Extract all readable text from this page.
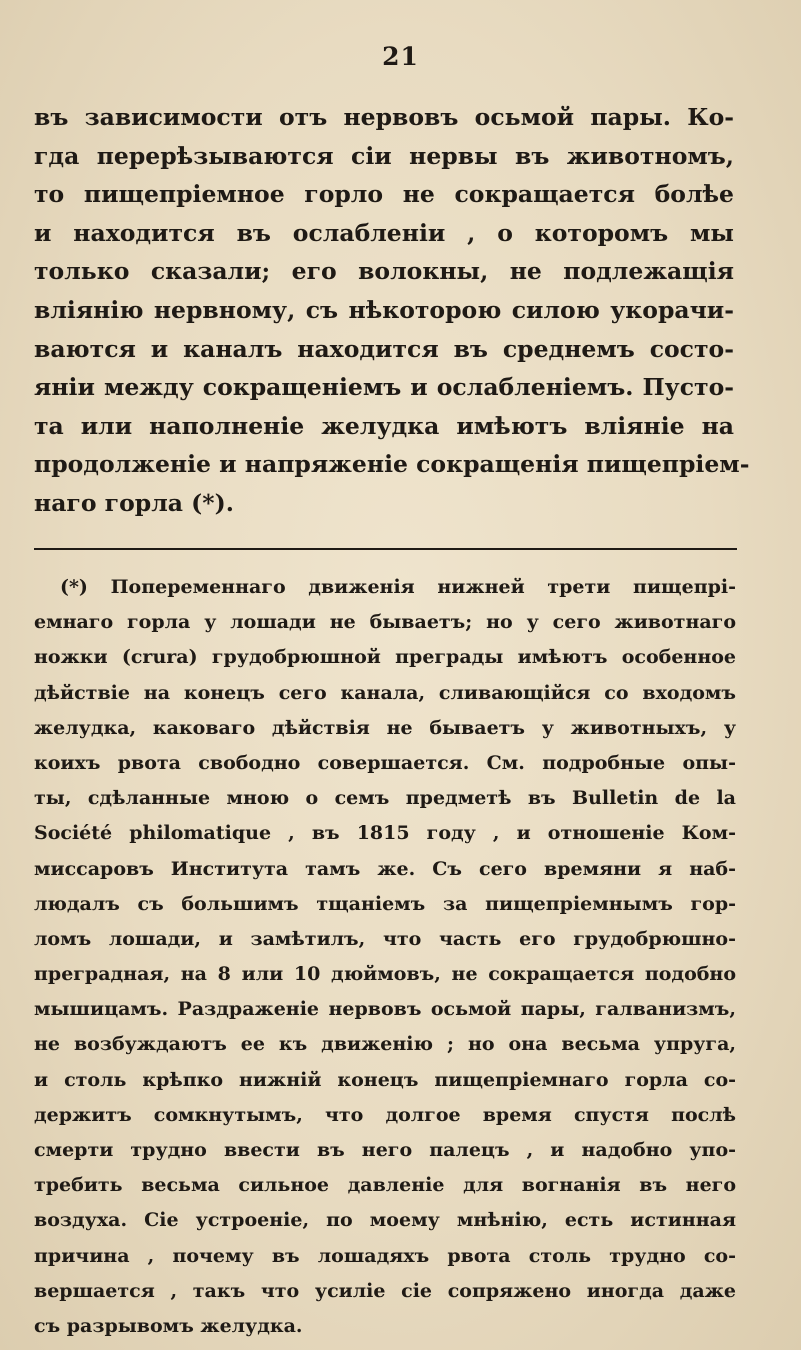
21
въ зависимости отъ нервовъ осьмой пары. Ко-
гда перерѣзываются сіи нервы въ животномъ,
то пищепріемное горло не сокращается болѣе
и находится въ ослабленіи , о которомъ мы
только сказали; его волокны, не подлежащія
вліянію нервному, съ нѣкоторою силою укорачи-
ваются и каналъ находится въ среднемъ состо-
яніи между сокращеніемъ и ослабленіемъ. Пусто-
та или наполненіе желудка имѣютъ вліяніе на
продолженіе и напряженіе сокращенія пищепріем-
наго горла (*).
(*) Попеременнаго движенія нижней трети пищепрі-
емнаго горла у лошади не бываетъ; но у сего животнаго
ножки (crura) грудобрюшной преграды имѣютъ особенное
дѣйствіе на конецъ сего канала, сливающійся со входомъ
желудка, каковаго дѣйствія не бываетъ у животныхъ, у
коихъ рвота свободно совершается. См. подробные опы-
ты, сдѣланные мною о семъ предметѣ въ Bulletin de la
Société philomatique , въ 1815 году , и отношеніе Ком-
миссаровъ Института тамъ же. Съ сего времяни я наб-
людалъ съ большимъ тщаніемъ за пищепріемнымъ гор-
ломъ лошади, и замѣтилъ, что часть его грудобрюшно-
преградная, на 8 или 10 дюймовъ, не сокращается подобно
мышицамъ. Раздраженіе нервовъ осьмой пары, галванизмъ,
не возбуждаютъ ее къ движенію ; но она весьма упруга,
и столь крѣпко нижній конецъ пищепріемнаго горла со-
держитъ сомкнутымъ, что долгое время спустя послѣ
смерти трудно ввести въ него палецъ , и надобно упо-
требить весьма сильное давленіе для вогнанія въ него
воздуха. Сіе устроеніе, по моему мнѣнію, есть истинная
причина , почему въ лошадяхъ рвота столь трудно со-
вершается , такъ что усиліе сіе сопряжено иногда даже
съ разрывомъ желудка.
